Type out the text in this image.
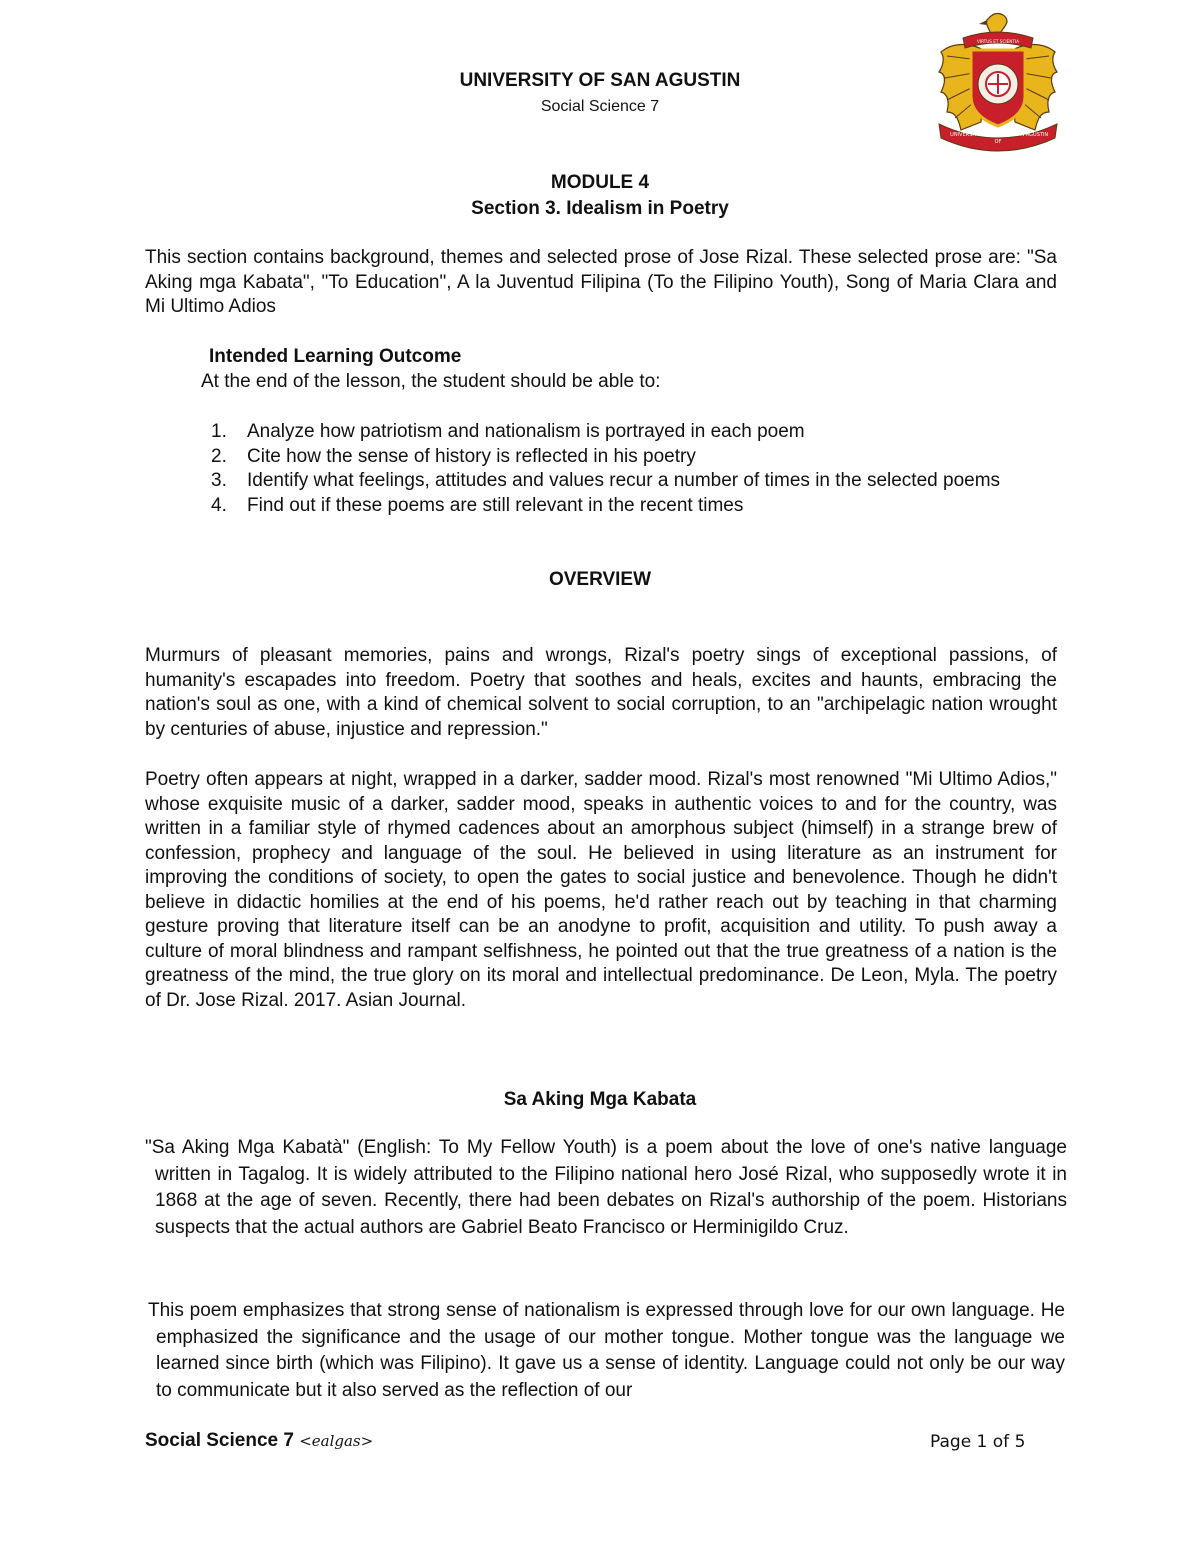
UNIVERSITY OF SAN AGUSTIN
Social Science 7
VIRTUS ET SCIENTIA
UNIVERSITY
OF
SAN AGUSTIN
MODULE 4
Section 3. Idealism in Poetry
This section contains background, themes and selected prose of Jose Rizal. These selected prose are: "Sa Aking mga Kabata", "To Education", A la Juventud Filipina (To the Filipino Youth), Song of Maria Clara and Mi Ultimo Adios
Intended Learning Outcome
At the end of the lesson, the student should be able to:
1. Analyze how patriotism and nationalism is portrayed in each poem
2. Cite how the sense of history is reflected in his poetry
3. Identify what feelings, attitudes and values recur a number of times in the selected poems
4. Find out if these poems are still relevant in the recent times
OVERVIEW
Murmurs of pleasant memories, pains and wrongs, Rizal's poetry sings of exceptional passions, of humanity's escapades into freedom. Poetry that soothes and heals, excites and haunts, embracing the nation's soul as one, with a kind of chemical solvent to social corruption, to an "archipelagic nation wrought by centuries of abuse, injustice and repression."
Poetry often appears at night, wrapped in a darker, sadder mood. Rizal's most renowned "Mi Ultimo Adios," whose exquisite music of a darker, sadder mood, speaks in authentic voices to and for the country, was written in a familiar style of rhymed cadences about an amorphous subject (himself) in a strange brew of confession, prophecy and language of the soul. He believed in using literature as an instrument for improving the conditions of society, to open the gates to social justice and benevolence. Though he didn't believe in didactic homilies at the end of his poems, he'd rather reach out by teaching in that charming gesture proving that literature itself can be an anodyne to profit, acquisition and utility. To push away a culture of moral blindness and rampant selfishness, he pointed out that the true greatness of a nation is the greatness of the mind, the true glory on its moral and intellectual predominance. De Leon, Myla. The poetry of Dr. Jose Rizal. 2017. Asian Journal.
Sa Aking Mga Kabata
"Sa Aking Mga Kabatà" (English: To My Fellow Youth) is a poem about the love of one's native language written in Tagalog. It is widely attributed to the Filipino national hero José Rizal, who supposedly wrote it in 1868 at the age of seven. Recently, there had been debates on Rizal's authorship of the poem. Historians suspects that the actual authors are Gabriel Beato Francisco or Herminigildo Cruz.
This poem emphasizes that strong sense of nationalism is expressed through love for our own language. He emphasized the significance and the usage of our mother tongue. Mother tongue was the language we learned since birth (which was Filipino). It gave us a sense of identity. Language could not only be our way to communicate but it also served as the reflection of our
Social Science 7 <ealgas>	Page 1 of 5
